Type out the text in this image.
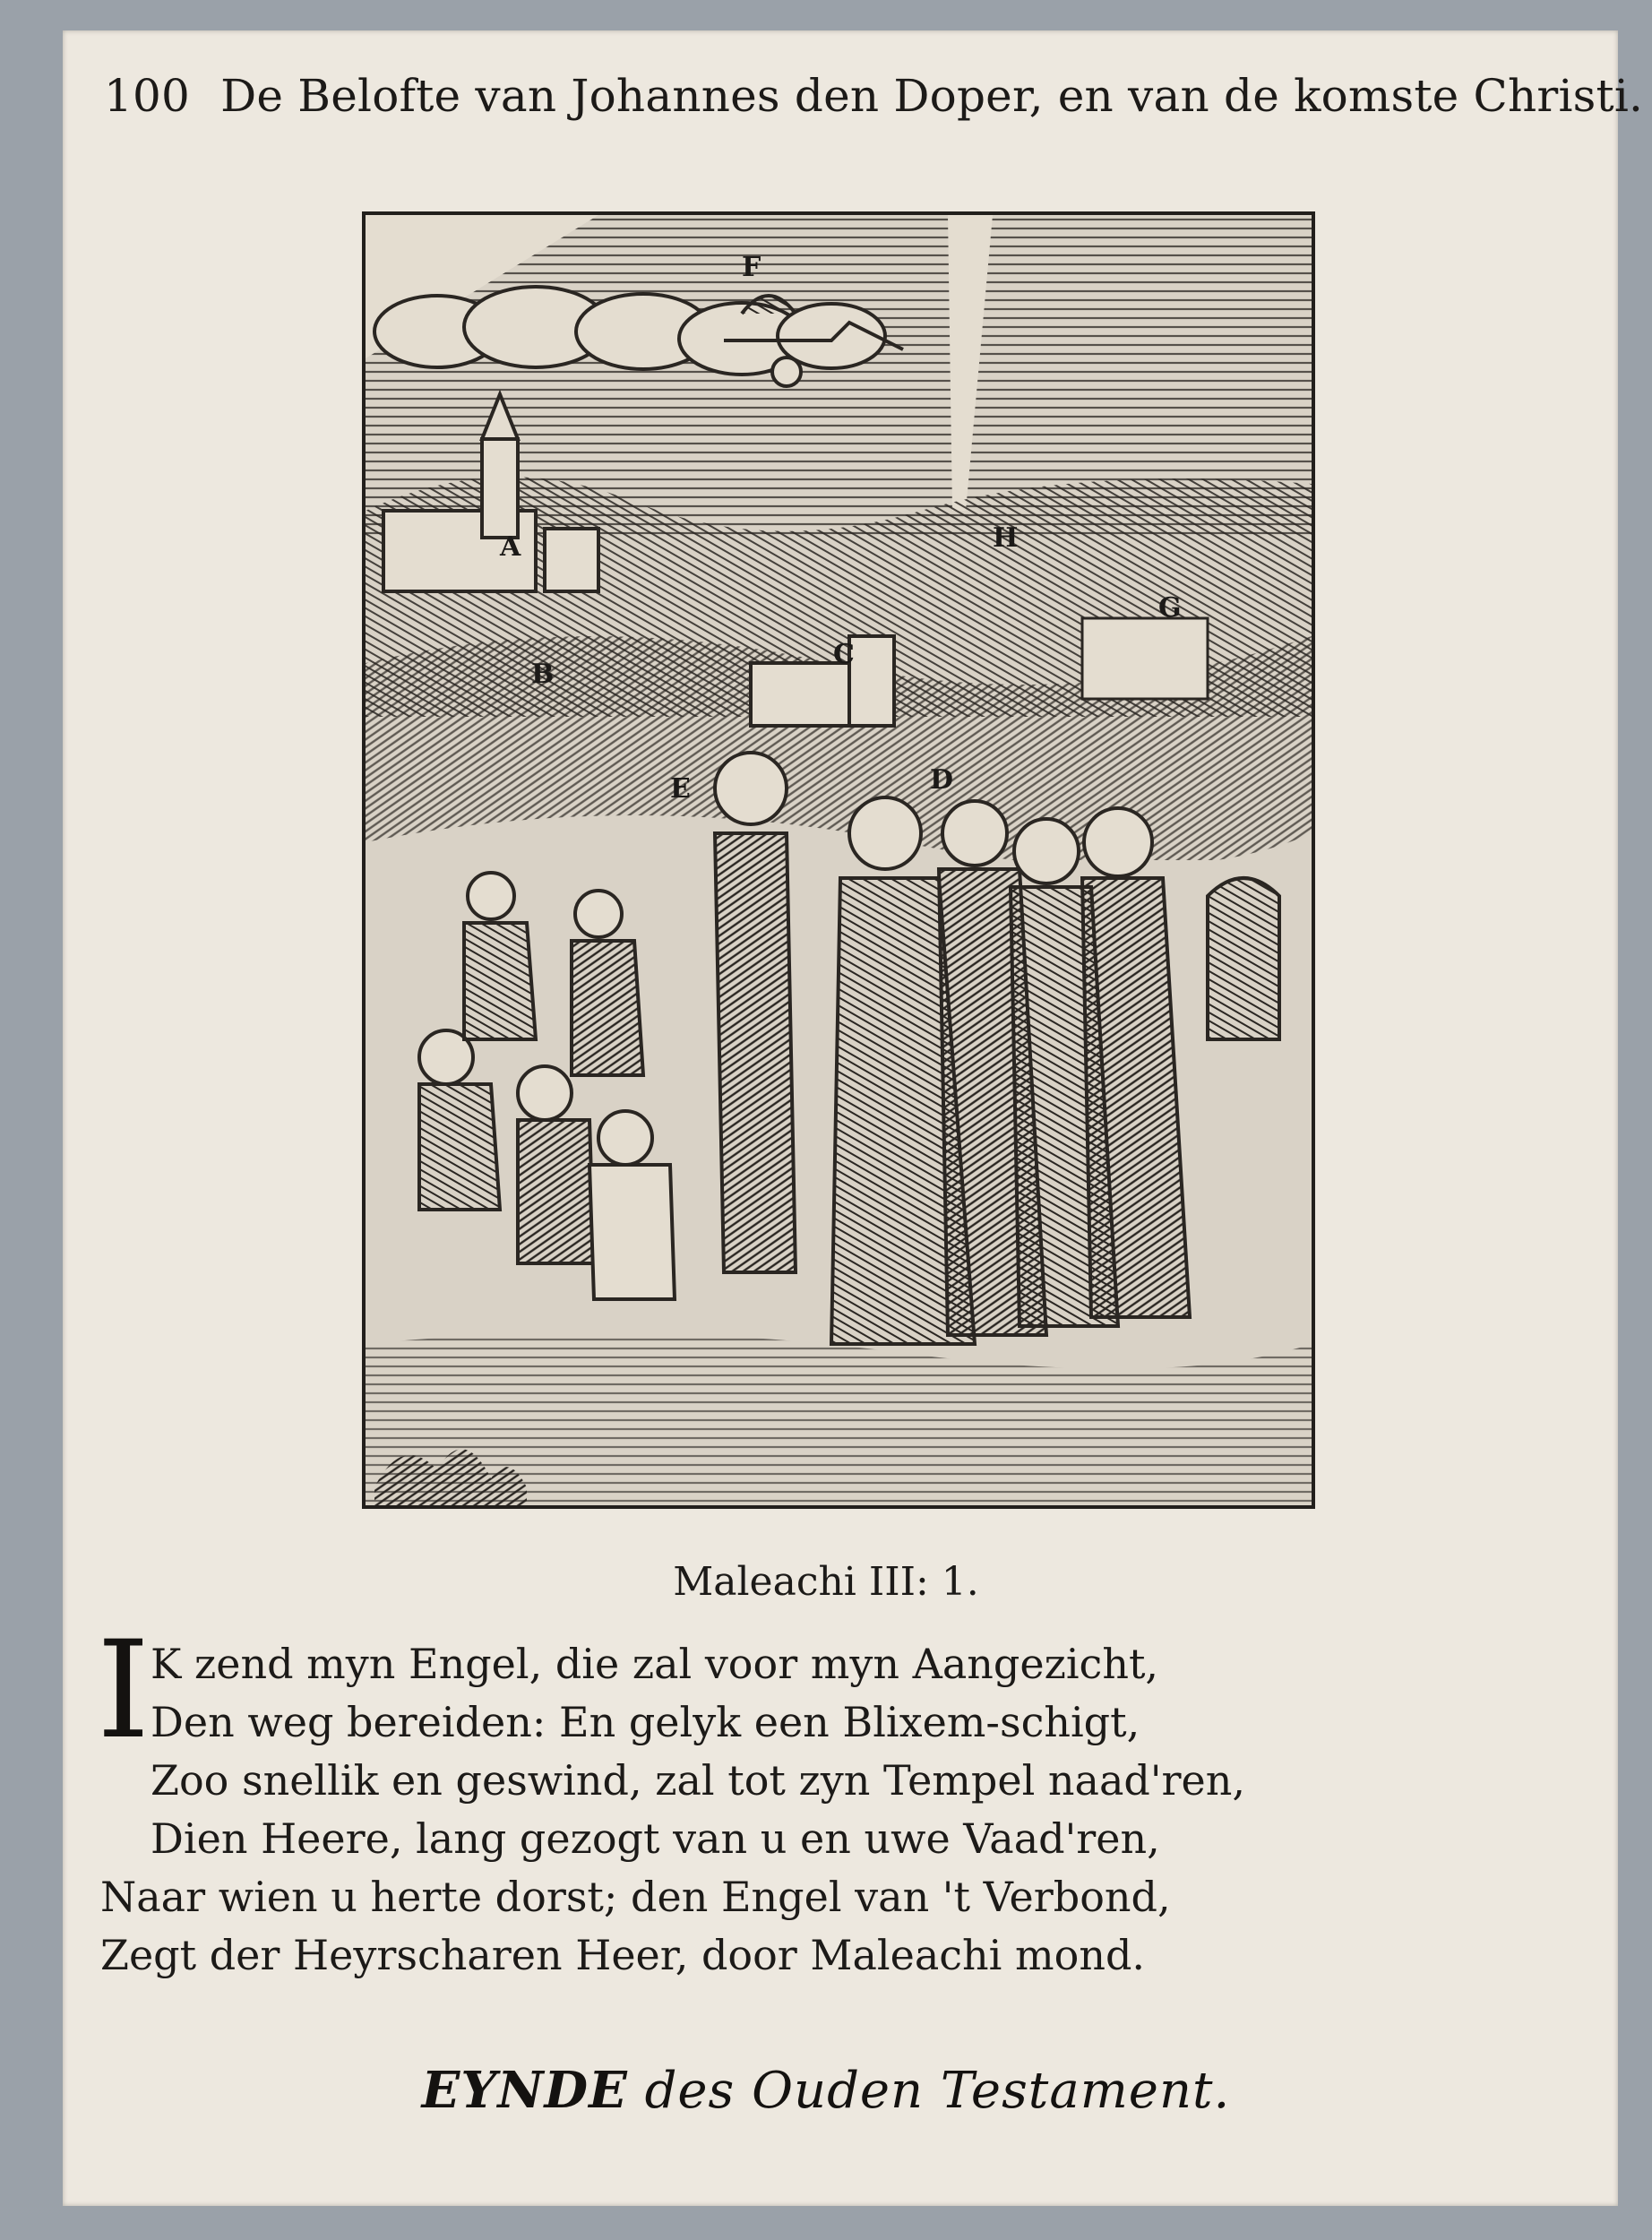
100 De Belofte van Johannes den Doper, en van de komste Christi.
F
A	H
B
C
G
E	D
Maleachi III: 1.
I K zend myn Engel, die zal voor myn Aangezicht,
Den weg bereiden: En gelyk een Blixem-schigt,
Zoo snellik en geswind, zal tot zyn Tempel naad'ren,
Dien Heere, lang gezogt van u en uwe Vaad'ren,
Naar wien u herte dorst; den Engel van 't Verbond,
Zegt der Heyrscharen Heer, door Maleachi mond.
EYNDE des Ouden Testament.
